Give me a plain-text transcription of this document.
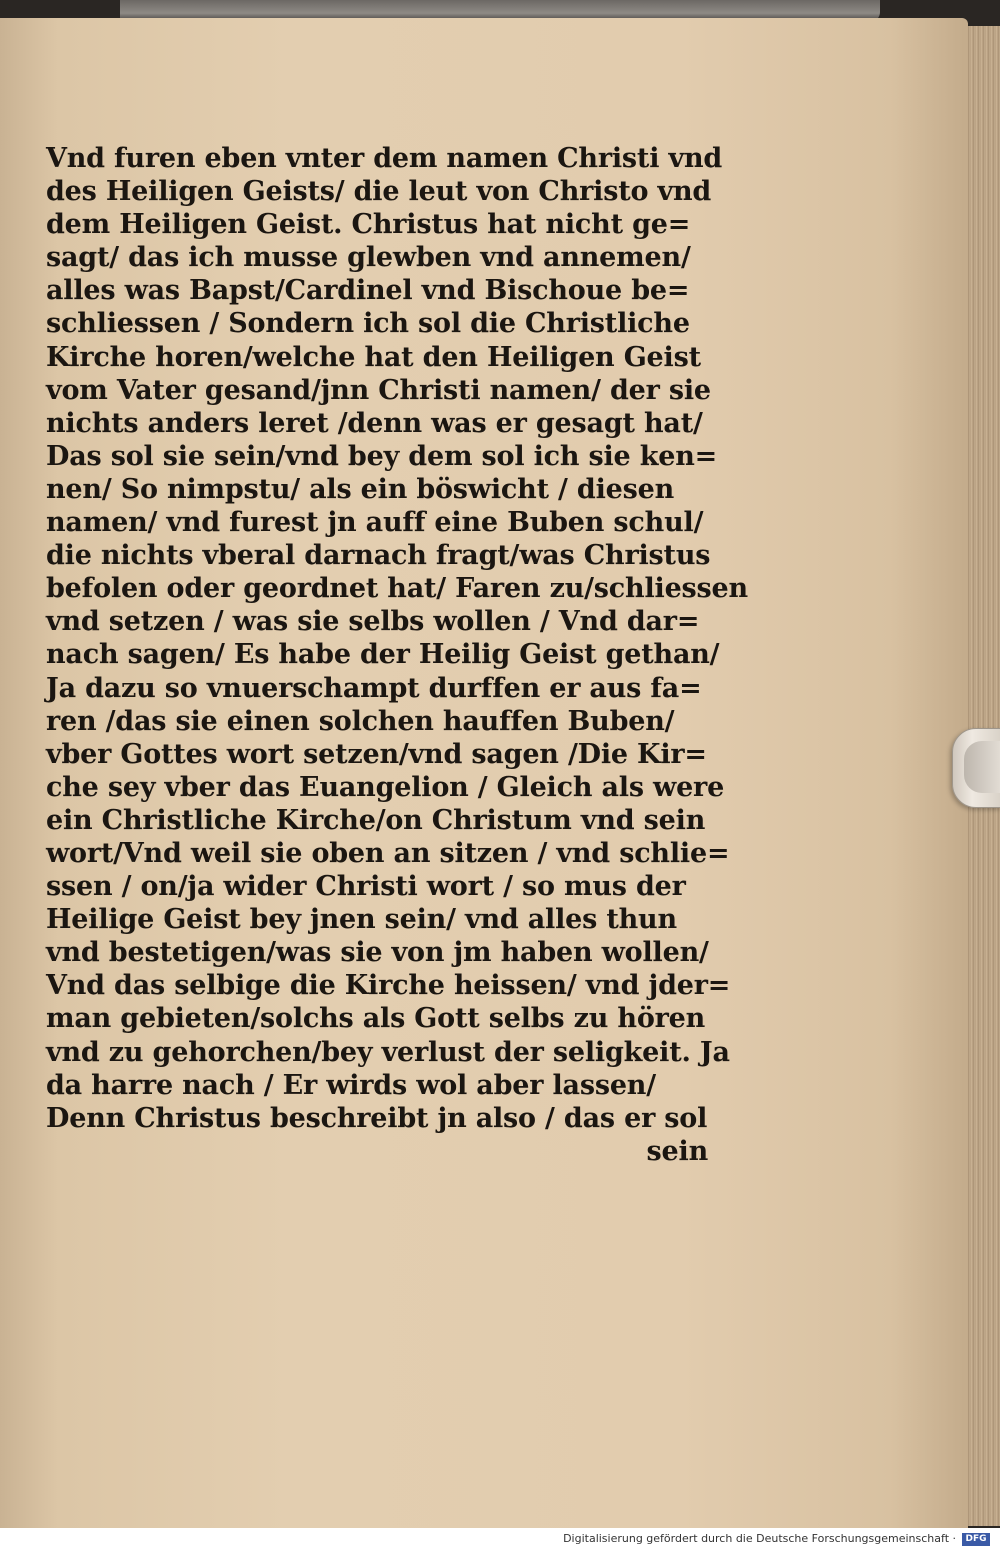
Vnd furen eben vnter dem namen Christi vnd
des Heiligen Geists/ die leut von Christo vnd
dem Heiligen Geist. Christus hat nicht ge=
sagt/ das ich musse glewben vnd annemen/
alles was Bapst/Cardinel vnd Bischoue be=
schliessen / Sondern ich sol die Christliche
Kirche horen/welche hat den Heiligen Geist
vom Vater gesand/jnn Christi namen/ der sie
nichts anders leret /denn was er gesagt hat/
Das sol sie sein/vnd bey dem sol ich sie ken=
nen/ So nimpstu/ als ein böswicht / diesen
namen/ vnd furest jn auff eine Buben schul/
die nichts vberal darnach fragt/was Christus
befolen oder geordnet hat/ Faren zu/schliessen
vnd setzen / was sie selbs wollen / Vnd dar=
nach sagen/ Es habe der Heilig Geist gethan/
Ja dazu so vnuerschampt durffen er aus fa=
ren /das sie einen solchen hauffen Buben/
vber Gottes wort setzen/vnd sagen /Die Kir=
che sey vber das Euangelion / Gleich als were
ein Christliche Kirche/on Christum vnd sein
wort/Vnd weil sie oben an sitzen / vnd schlie=
ssen / on/ja wider Christi wort / so mus der
Heilige Geist bey jnen sein/ vnd alles thun
vnd bestetigen/was sie von jm haben wollen/
Vnd das selbige die Kirche heissen/ vnd jder=
man gebieten/solchs als Gott selbs zu hören
vnd zu gehorchen/bey verlust der seligkeit. Ja
da harre nach / Er wirds wol aber lassen/
Denn Christus beschreibt jn also / das er sol
sein
Digitalisierung gefördert durch die Deutsche Forschungsgemeinschaft ·	DFG
